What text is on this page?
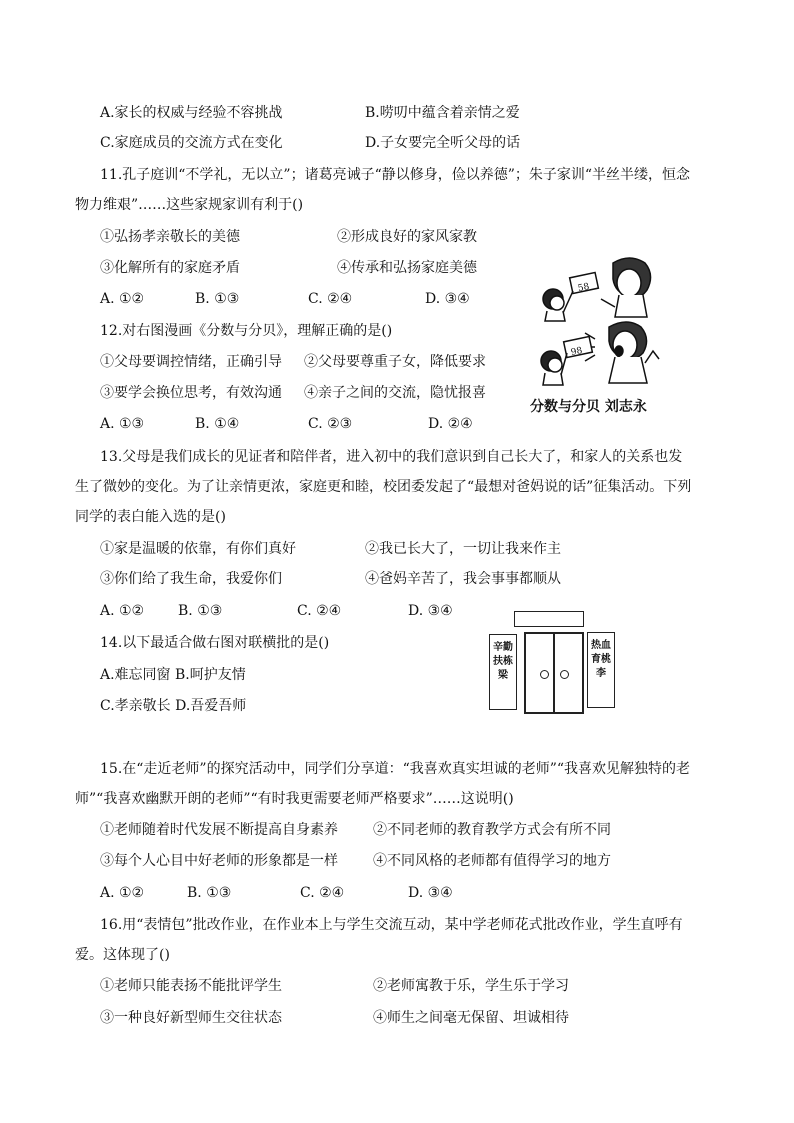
A.家长的权威与经验不容挑战	B.唠叨中蕴含着亲情之爱
C.家庭成员的交流方式在变化	D.子女要完全听父母的话
11.孔子庭训“不学礼，无以立”；诸葛亮诫子“静以修身，俭以养德”；朱子家训“半丝半缕，恒念物力维艰”……这些家规家训有利于()
①弘扬孝亲敬长的美德	②形成良好的家风家教
③化解所有的家庭矛盾	④传承和弘扬家庭美德
A. ①②	B. ①③	C. ②④	D. ③④
12.对右图漫画《分数与分贝》，理解正确的是()
①父母要调控情绪，正确引导 ②父母要尊重子女，降低要求
③要学会换位思考，有效沟通 ④亲子之间的交流，隐忧报喜
A. ①③	B. ①④	C. ②③	D. ②④
58
98
分数与分贝 刘志永
13.父母是我们成长的见证者和陪伴者，进入初中的我们意识到自己长大了，和家人的关系也发生了微妙的变化。为了让亲情更浓，家庭更和睦，校团委发起了“最想对爸妈说的话”征集活动。下列同学的表白能入选的是()
①家是温暖的依靠，有你们真好	②我已长大了，一切让我来作主
③你们给了我生命，我爱你们	④爸妈辛苦了，我会事事都顺从
A. ①② B. ①③	C. ②④	D. ③④
14.以下最适合做右图对联横批的是()
A.难忘同窗 B.呵护友情
C.孝亲敬长 D.吾爱吾师
辛勤扶栋梁
热血育桃李
15.在“走近老师”的探究活动中，同学们分享道：“我喜欢真实坦诚的老师”“我喜欢见解独特的老师”“我喜欢幽默开朗的老师”“有时我更需要老师严格要求”……这说明()
①老师随着时代发展不断提高自身素养	②不同老师的教育教学方式会有所不同
③每个人心目中好老师的形象都是一样	④不同风格的老师都有值得学习的地方
A. ①②	B. ①③	C. ②④	D. ③④
16.用“表情包”批改作业，在作业本上与学生交流互动，某中学老师花式批改作业，学生直呼有爱。这体现了()
①老师只能表扬不能批评学生	②老师寓教于乐，学生乐于学习
③一种良好新型师生交往状态	④师生之间毫无保留、坦诚相待
